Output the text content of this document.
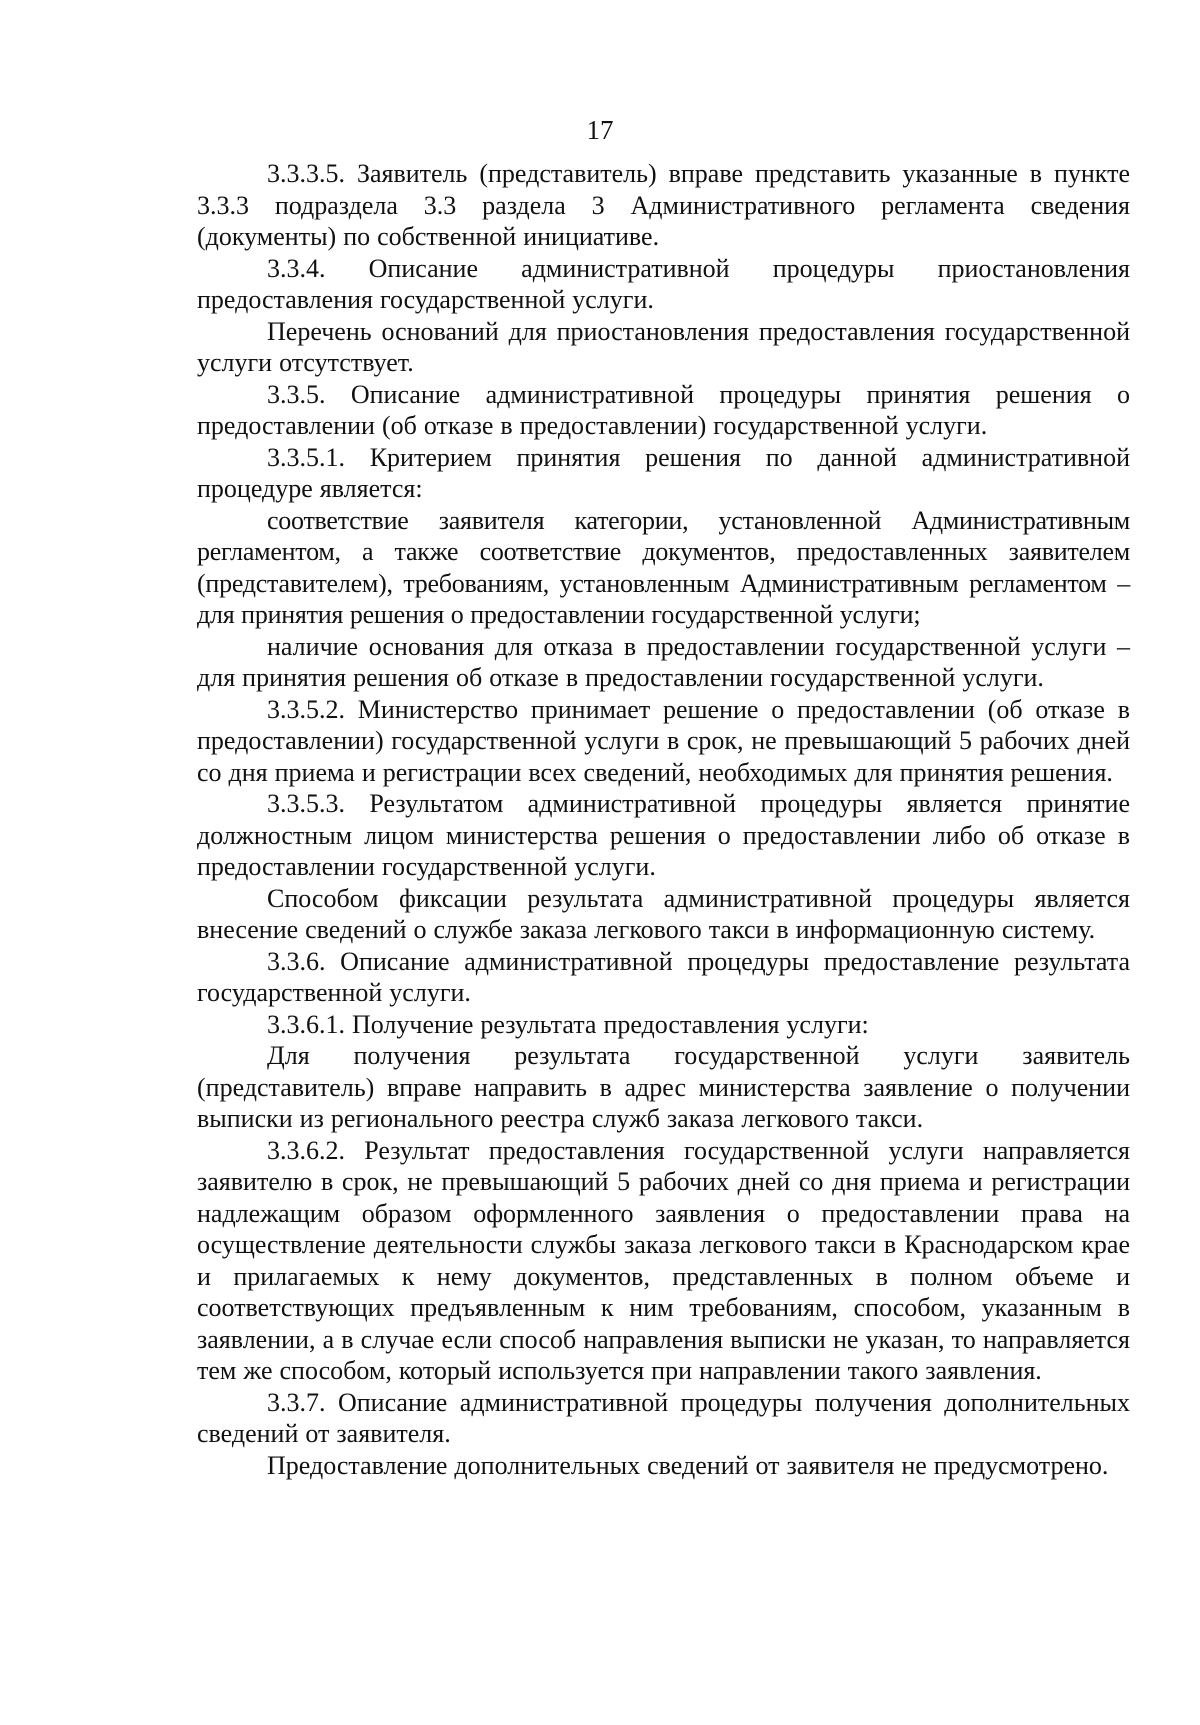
17

3.3.3.5. Заявитель (представитель) вправе представить указанные в пункте 3.3.3 подраздела 3.3 раздела 3 Административного регламента сведения (документы) по собственной инициативе.

3.3.4. Описание административной процедуры приостановления предоставления государственной услуги.

Перечень оснований для приостановления предоставления государственной услуги отсутствует.

3.3.5. Описание административной процедуры принятия решения о предоставлении (об отказе в предоставлении) государственной услуги.

3.3.5.1. Критерием принятия решения по данной административной процедуре является:

соответствие заявителя категории, установленной Административным регламентом, а также соответствие документов, предоставленных заявителем (представителем), требованиям, установленным Административным регламентом – для принятия решения о предоставлении государственной услуги;

наличие основания для отказа в предоставлении государственной услуги – для принятия решения об отказе в предоставлении государственной услуги.

3.3.5.2. Министерство принимает решение о предоставлении (об отказе в предоставлении) государственной услуги в срок, не превышающий 5 рабочих дней со дня приема и регистрации всех сведений, необходимых для принятия решения.

3.3.5.3. Результатом административной процедуры является принятие должностным лицом министерства решения о предоставлении либо об отказе в предоставлении государственной услуги.

Способом фиксации результата административной процедуры является внесение сведений о службе заказа легкового такси в информационную систему.

3.3.6. Описание административной процедуры предоставление результата государственной услуги.

3.3.6.1. Получение результата предоставления услуги:

Для получения результата государственной услуги заявитель (представитель) вправе направить в адрес министерства заявление о получении выписки из регионального реестра служб заказа легкового такси.

3.3.6.2. Результат предоставления государственной услуги направляется заявителю в срок, не превышающий 5 рабочих дней со дня приема и регистрации надлежащим образом оформленного заявления о предоставлении права на осуществление деятельности службы заказа легкового такси в Краснодарском крае и прилагаемых к нему документов, представленных в полном объеме и соответствующих предъявленным к ним требованиям, способом, указанным в заявлении, а в случае если способ направления выписки не указан, то направляется тем же способом, который используется при направлении такого заявления.

3.3.7. Описание административной процедуры получения дополнительных сведений от заявителя.

Предоставление дополнительных сведений от заявителя не предусмотрено.
